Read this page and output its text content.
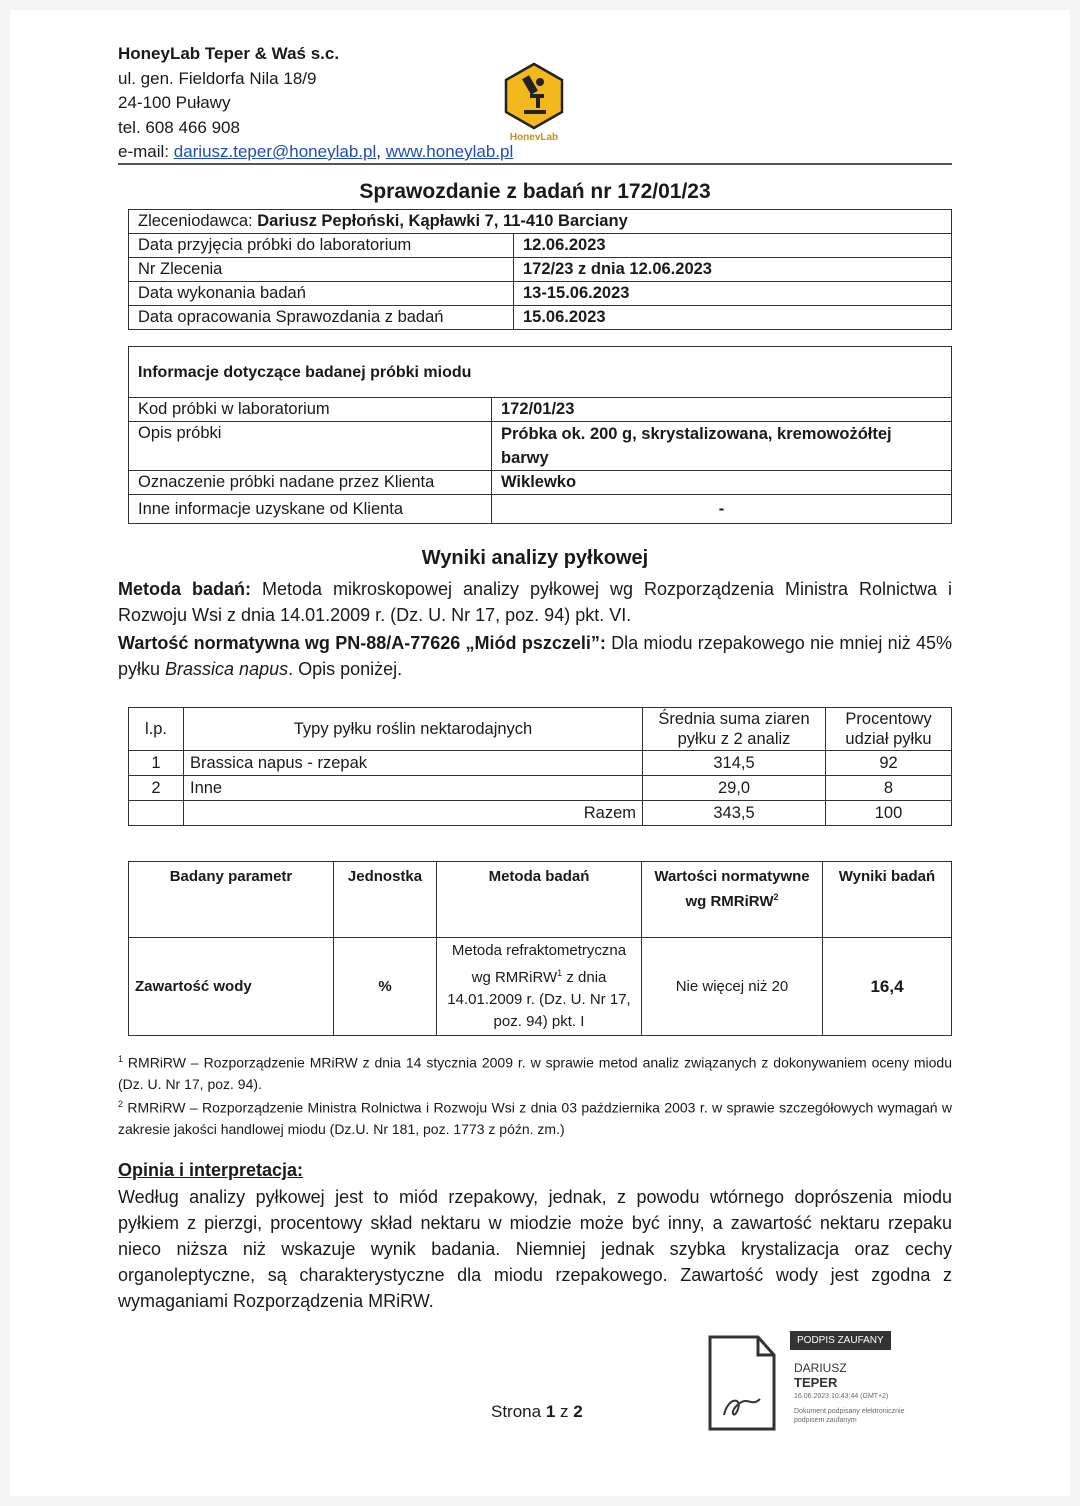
HoneyLab Teper & Waś s.c.
ul. gen. Fieldorfa Nila 18/9
24-100 Puławy
tel. 608 466 908
e-mail: dariusz.teper@honeylab.pl, www.honeylab.pl
HoneyLab
Sprawozdanie z badań nr 172/01/23
Zleceniodawca: Dariusz Pepłoński, Kąpławki 7, 11-410 Barciany	
Data przyjęcia próbki do laboratorium	12.06.2023
Nr Zlecenia	172/23 z dnia 12.06.2023
Data wykonania badań	13-15.06.2023
Data opracowania Sprawozdania z badań	15.06.2023
Informacje dotyczące badanej próbki miodu	
Kod próbki w laboratorium	172/01/23
Opis próbki	Próbka ok. 200 g, skrystalizowana, kremowożółtej barwy
Oznaczenie próbki nadane przez Klienta	Wiklewko
Inne informacje uzyskane od Klienta	-
Wyniki analizy pyłkowej
Metoda badań: Metoda mikroskopowej analizy pyłkowej wg Rozporządzenia Ministra Rolnictwa i Rozwoju Wsi z dnia 14.01.2009 r. (Dz. U. Nr 17, poz. 94) pkt. VI.
Wartość normatywna wg PN-88/A-77626 „Miód pszczeli”: Dla miodu rzepakowego nie mniej niż 45% pyłku Brassica napus. Opis poniżej.
l.p.	Typy pyłku roślin nektarodajnych	Średnia suma ziaren pyłku z 2 analiz	Procentowy udział pyłku
1	Brassica napus - rzepak	314,5	92
2	Inne	29,0	8
	Razem	343,5	100
Badany parametr	Jednostka	Metoda badań	Wartości normatywne wg RMRiRW$^2$	Wyniki badań
Zawartość wody	%	Metoda refraktometryczna wg RMRiRW$^1$ z dnia 14.01.2009 r. (Dz. U. Nr 17, poz. 94) pkt. I	Nie więcej niż 20	16,4
$^1$ RMRiRW – Rozporządzenie MRiRW z dnia 14 stycznia 2009 r. w sprawie metod analiz związanych z dokonywaniem oceny miodu (Dz. U. Nr 17, poz. 94).
$^2$ RMRiRW – Rozporządzenie Ministra Rolnictwa i Rozwoju Wsi z dnia 03 października 2003 r. w sprawie szczegółowych wymagań w zakresie jakości handlowej miodu (Dz.U. Nr 181, poz. 1773 z późn. zm.)
Opinia i interpretacja:
Według analizy pyłkowej jest to miód rzepakowy, jednak, z powodu wtórnego doprószenia miodu pyłkiem z pierzgi, procentowy skład nektaru w miodzie może być inny, a zawartość nektaru rzepaku nieco niższa niż wskazuje wynik badania. Niemniej jednak szybka krystalizacja oraz cechy organoleptyczne, są charakterystyczne dla miodu rzepakowego. Zawartość wody jest zgodna z wymaganiami Rozporządzenia MRiRW.
Strona 1 z 2
PODPIS ZAUFANY
DARIUSZ
TEPER
16.06.2023 10:43:44 (GMT+2)
Dokument podpisany elektronicznie podpisem zaufanym
